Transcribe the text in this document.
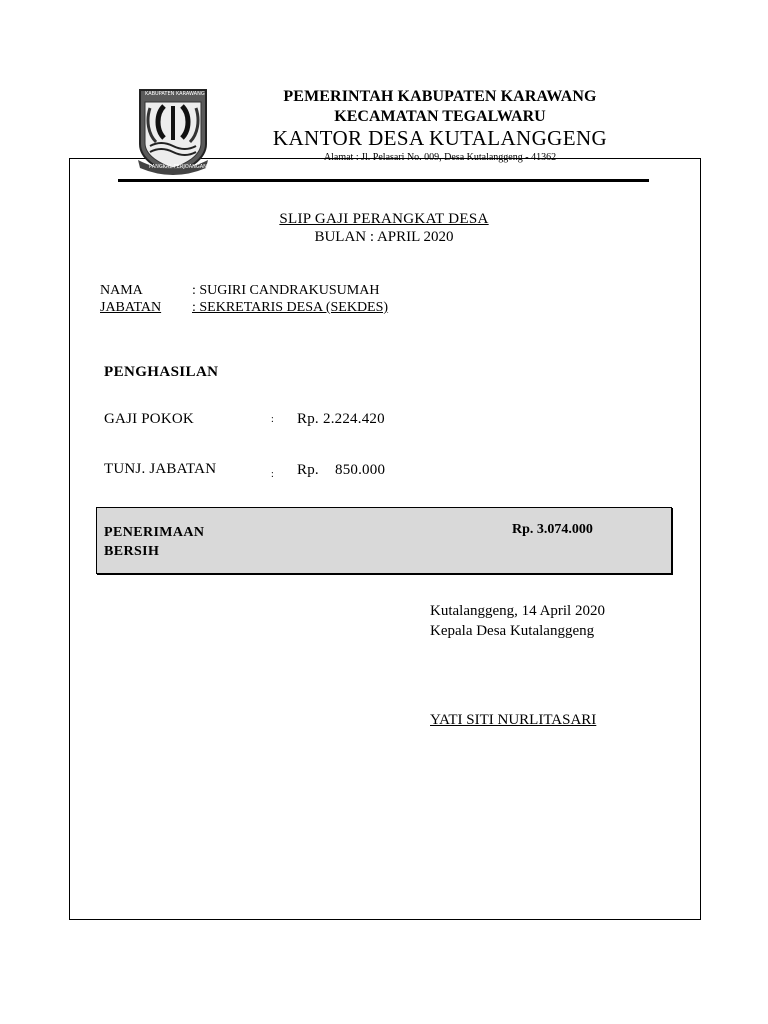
KABUPATEN KARAWANG
PANGKAL PERJOANGAN
PEMERINTAH KABUPATEN KARAWANG
KECAMATAN TEGALWARU
KANTOR DESA KUTALANGGENG
Alamat : Jl. Pelasari No. 009, Desa Kutalanggeng - 41362
SLIP GAJI PERANGKAT DESA
BULAN : APRIL 2020
NAMA	: SUGIRI CANDRAKUSUMAH
JABATAN	: SEKRETARIS DESA (SEKDES)
PENGHASILAN
GAJI POKOK	: Rp. 2.224.420
TUNJ. JABATAN	: Rp. 850.000
PENERIMAAN
BERSIH
Rp. 3.074.000
Kutalanggeng, 14 April 2020
Kepala Desa Kutalanggeng
YATI SITI NURLITASARI
